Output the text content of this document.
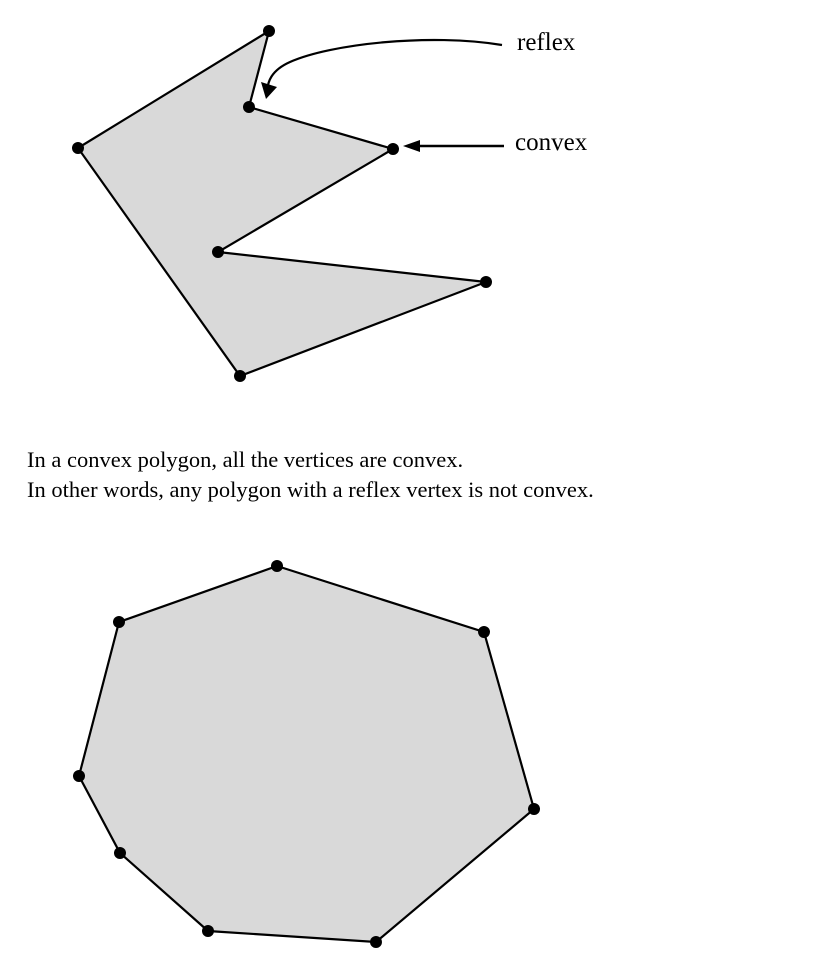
reflex
convex
In a convex polygon, all the vertices are convex.
In other words, any polygon with a reflex vertex is not convex.
